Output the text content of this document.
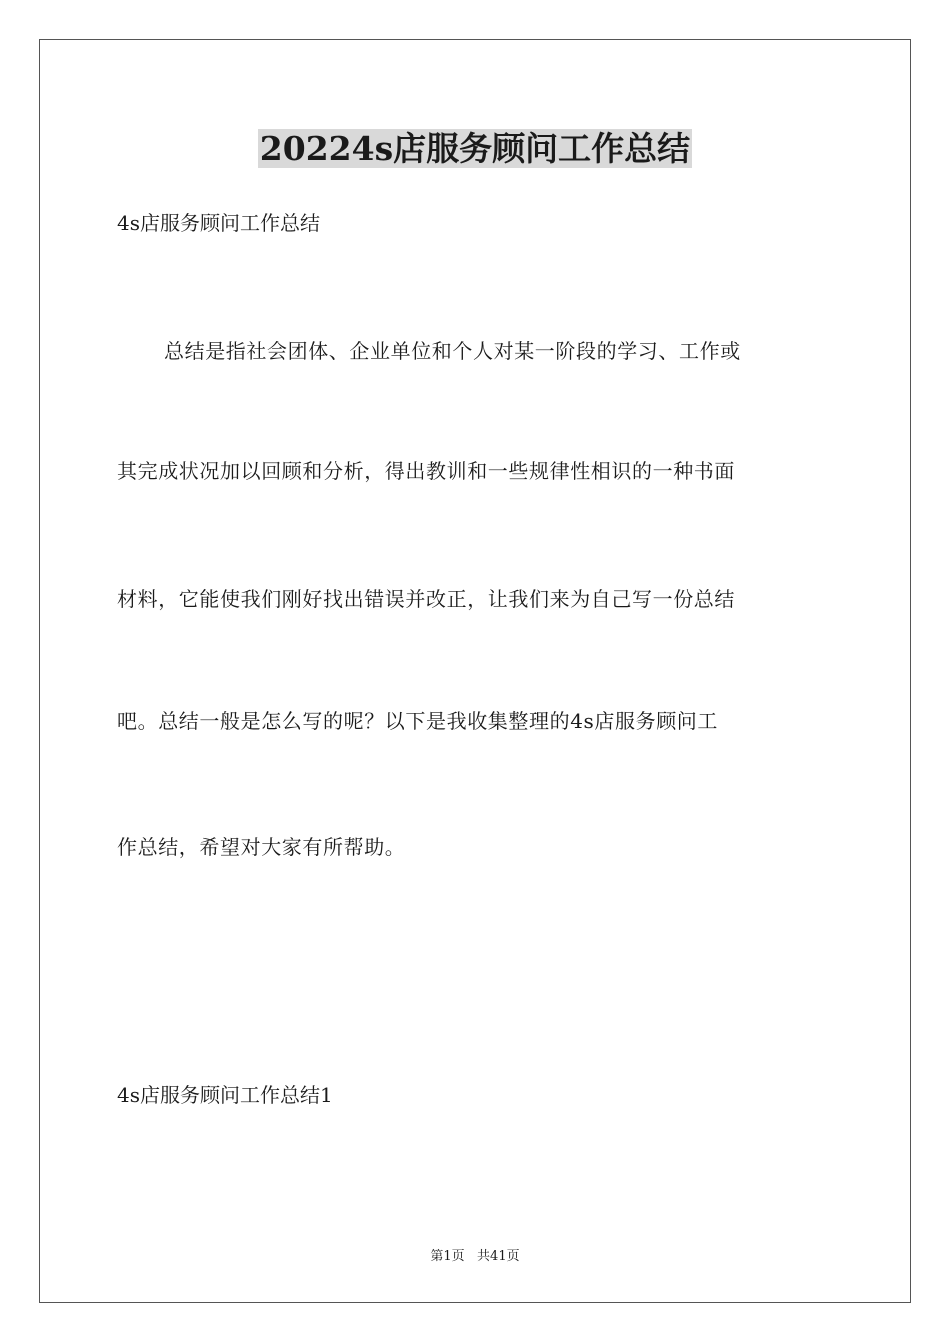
20224s店服务顾问工作总结
4s店服务顾问工作总结
总结是指社会团体、企业单位和个人对某一阶段的学习、工作或
其完成状况加以回顾和分析，得出教训和一些规律性相识的一种书面
材料，它能使我们刚好找出错误并改正，让我们来为自己写一份总结
吧。总结一般是怎么写的呢？以下是我收集整理的4s店服务顾问工
作总结，希望对大家有所帮助。
4s店服务顾问工作总结1
第1页   共41页
